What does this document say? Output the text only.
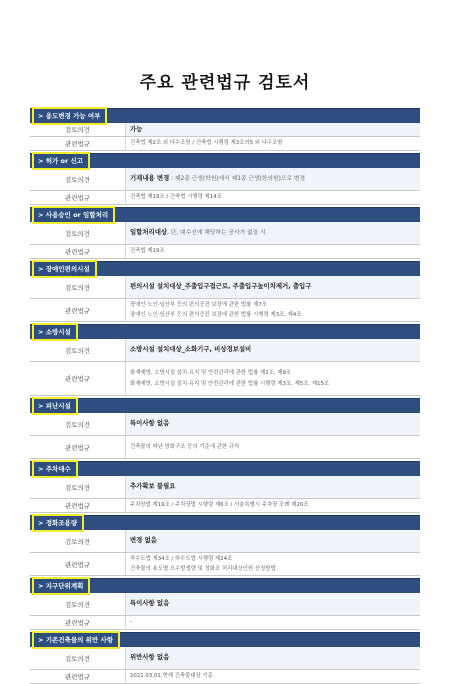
주요 관련법규 검토서
> 용도변경 가능 여부
검토의견	가능
관련법규	건축법 제2조 외 다수조항 / 건축법 시행령 제3조의5 외 다수조항
> 허가 or 신고
검토의견	기재내용 변경 : 제2종 근생(학원)에서 제1종 근생(한의원)으로 변경
관련법규	건축법 제19조 / 건축법 시행령 제14조
> 사용승인 or 임할처리
검토의견	일할처리대상, 단, 대수선에 해당하는 공사가 없을 시
관련법규	건축법 제19조
> 장애인편의시설
검토의견	편의시설 설치대상_주출입구접근로, 주출입구높이차제거, 출입구
관련법규
장애인·노인·임산부 등의 편의증진 보장에 관한 법률 제7조
장애인·노인·임산부 등의 편의증진 보장에 관한 법률 시행령 제3조, 제4조
> 소방시설
검토의견	소방시설 설치대상_소화기구, 비상경보설비
관련법규
화재예방, 소방시설 설치·유지 및 안전관리에 관한 법률 제2조, 제9조
화재예방, 소방시설 설치·유지 및 안전관리에 관한 법률 시행령 제3조, 제5조, 제15조
> 피난시설
검토의견	특이사항 없음
관련법규	건축물의 피난·방화구조 등의 기준에 관한 규칙
> 주차대수
검토의견	추가확보 불필요
관련법규	주차장법 제19조 / 주차장법 시행령 제6조 / 서울특별시 주차장 조례 제20조
> 정화조용량
검토의견	변경 없음
관련법규
하수도법 제34조 / 하수도법 시행령 제24조
건축물의 용도별 오수발생량 및 정화조 처리대상인원 산정방법
> 지구단위계획
검토의견	특이사항 없음
관련법규	-
> 기존건축물의 위반 사항
검토의견	위반사항 없음
관련법규	2021.03.01.현재 건축물대장 기준
